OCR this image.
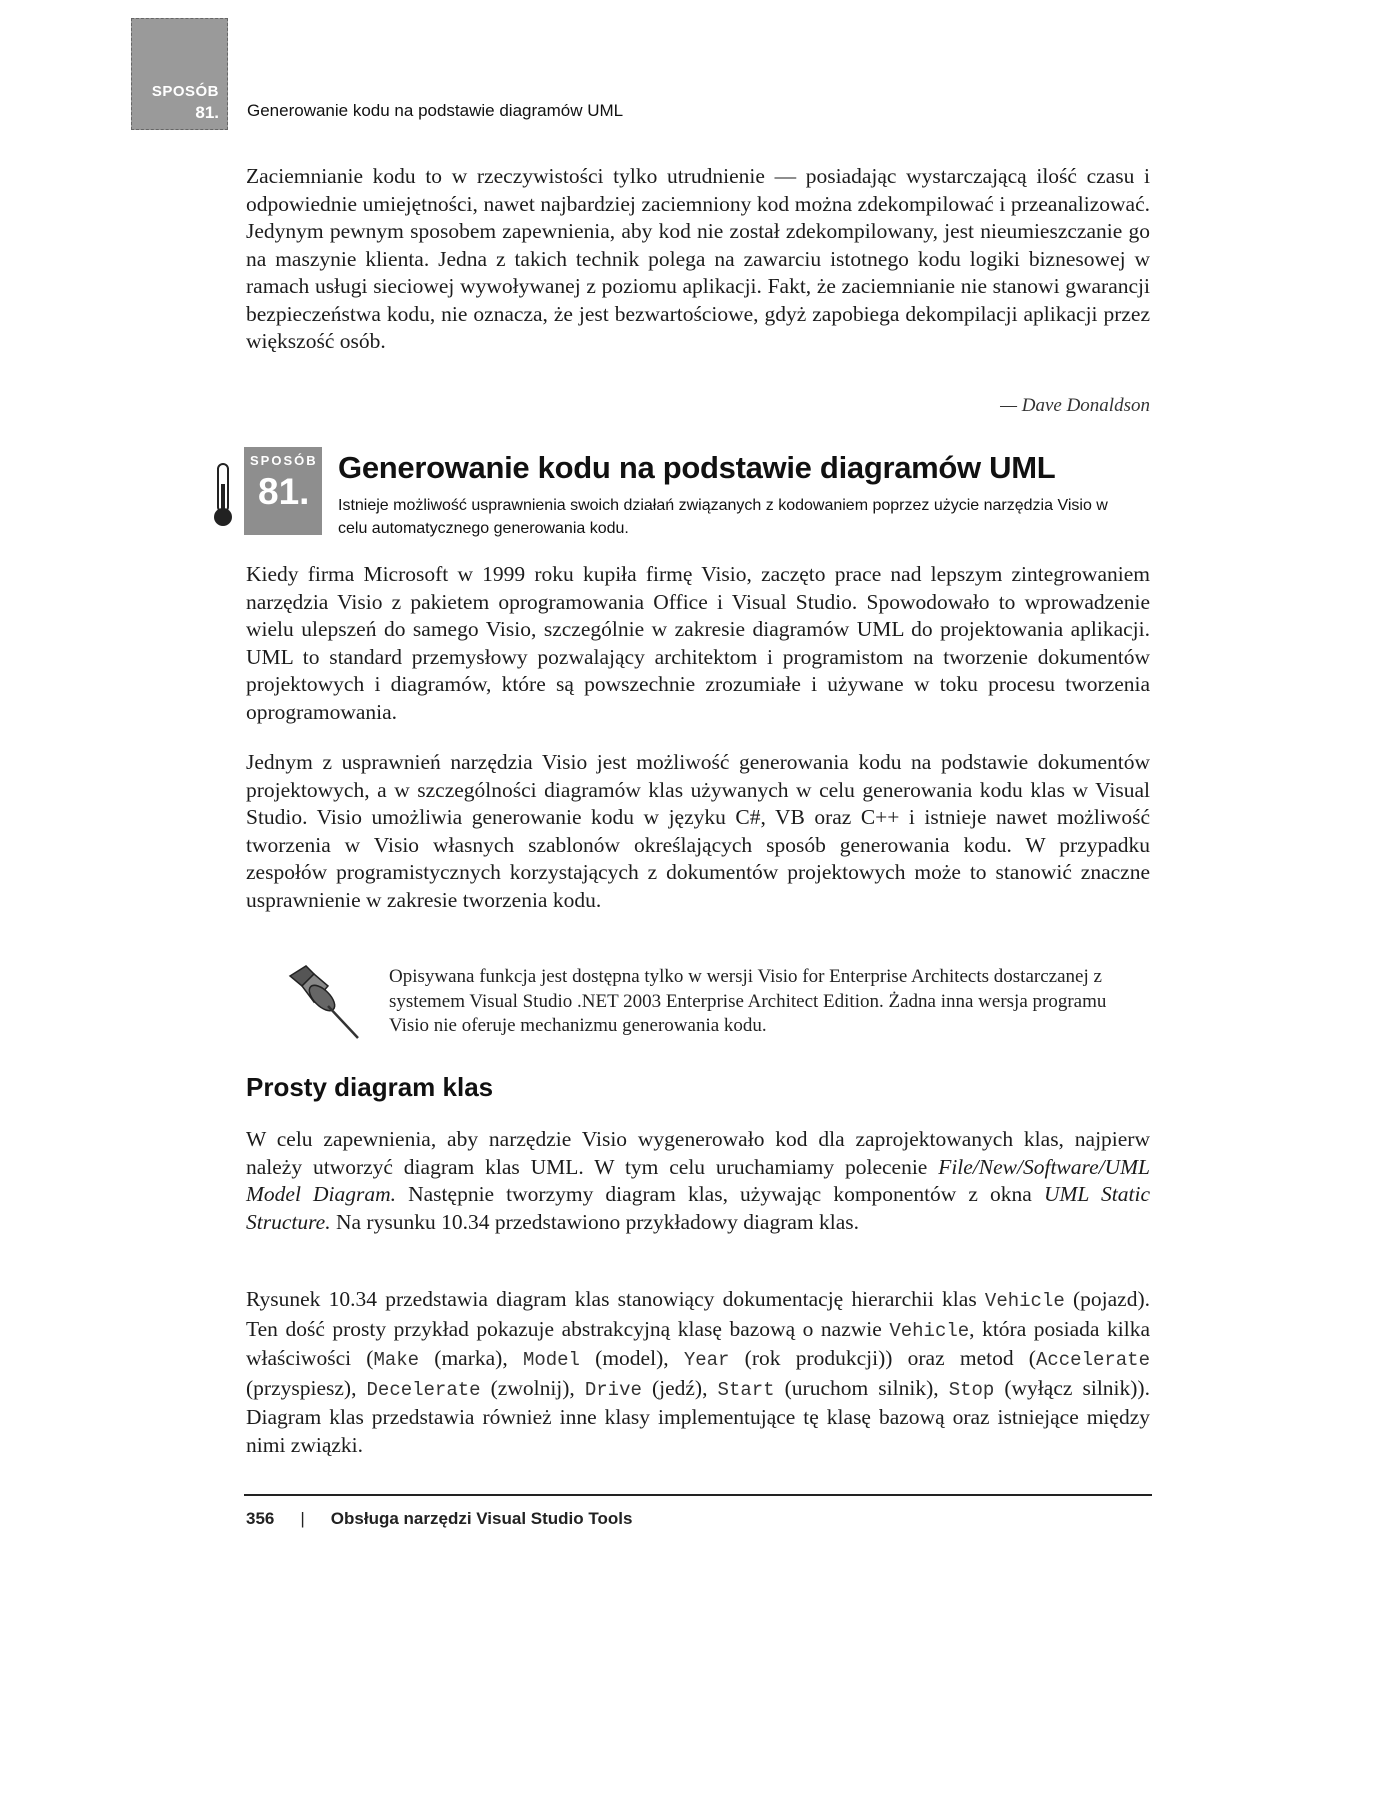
SPOSÓB
81. Generowanie kodu na podstawie diagramów UML
Zaciemnianie kodu to w rzeczywistości tylko utrudnienie — posiadając wystarczającą ilość czasu i odpowiednie umiejętności, nawet najbardziej zaciemniony kod można zdekompilować i przeanalizować. Jedynym pewnym sposobem zapewnienia, aby kod nie został zdekompilowany, jest nieumieszczanie go na maszynie klienta. Jedna z takich technik polega na zawarciu istotnego kodu logiki biznesowej w ramach usługi sieciowej wywoływanej z poziomu aplikacji. Fakt, że zaciemnianie nie stanowi gwarancji bezpieczeństwa kodu, nie oznacza, że jest bezwartościowe, gdyż zapobiega dekompilacji aplikacji przez większość osób.
— Dave Donaldson
SPOSÓB
81.
Generowanie kodu na podstawie diagramów UML
Istnieje możliwość usprawnienia swoich działań związanych z kodowaniem poprzez użycie narzędzia Visio w celu automatycznego generowania kodu.
Kiedy firma Microsoft w 1999 roku kupiła firmę Visio, zaczęto prace nad lepszym zintegrowaniem narzędzia Visio z pakietem oprogramowania Office i Visual Studio. Spowodowało to wprowadzenie wielu ulepszeń do samego Visio, szczególnie w zakresie diagramów UML do projektowania aplikacji. UML to standard przemysłowy pozwalający architektom i programistom na tworzenie dokumentów projektowych i diagramów, które są powszechnie zrozumiałe i używane w toku procesu tworzenia oprogramowania.
Jednym z usprawnień narzędzia Visio jest możliwość generowania kodu na podstawie dokumentów projektowych, a w szczególności diagramów klas używanych w celu generowania kodu klas w Visual Studio. Visio umożliwia generowanie kodu w języku C#, VB oraz C++ i istnieje nawet możliwość tworzenia w Visio własnych szablonów określających sposób generowania kodu. W przypadku zespołów programistycznych korzystających z dokumentów projektowych może to stanowić znaczne usprawnienie w zakresie tworzenia kodu.
Opisywana funkcja jest dostępna tylko w wersji Visio for Enterprise Architects dostarczanej z systemem Visual Studio .NET 2003 Enterprise Architect Edition. Żadna inna wersja programu Visio nie oferuje mechanizmu generowania kodu.
Prosty diagram klas
W celu zapewnienia, aby narzędzie Visio wygenerowało kod dla zaprojektowanych klas, najpierw należy utworzyć diagram klas UML. W tym celu uruchamiamy polecenie File/New/Software/UML Model Diagram. Następnie tworzymy diagram klas, używając komponentów z okna UML Static Structure. Na rysunku 10.34 przedstawiono przykładowy diagram klas.
Rysunek 10.34 przedstawia diagram klas stanowiący dokumentację hierarchii klas Vehicle (pojazd). Ten dość prosty przykład pokazuje abstrakcyjną klasę bazową o nazwie Vehicle, która posiada kilka właściwości (Make (marka), Model (model), Year (rok produkcji)) oraz metod (Accelerate (przyspiesz), Decelerate (zwolnij), Drive (jedź), Start (uruchom silnik), Stop (wyłącz silnik)). Diagram klas przedstawia również inne klasy implementujące tę klasę bazową oraz istniejące między nimi związki.
356 | Obsługa narzędzi Visual Studio Tools
